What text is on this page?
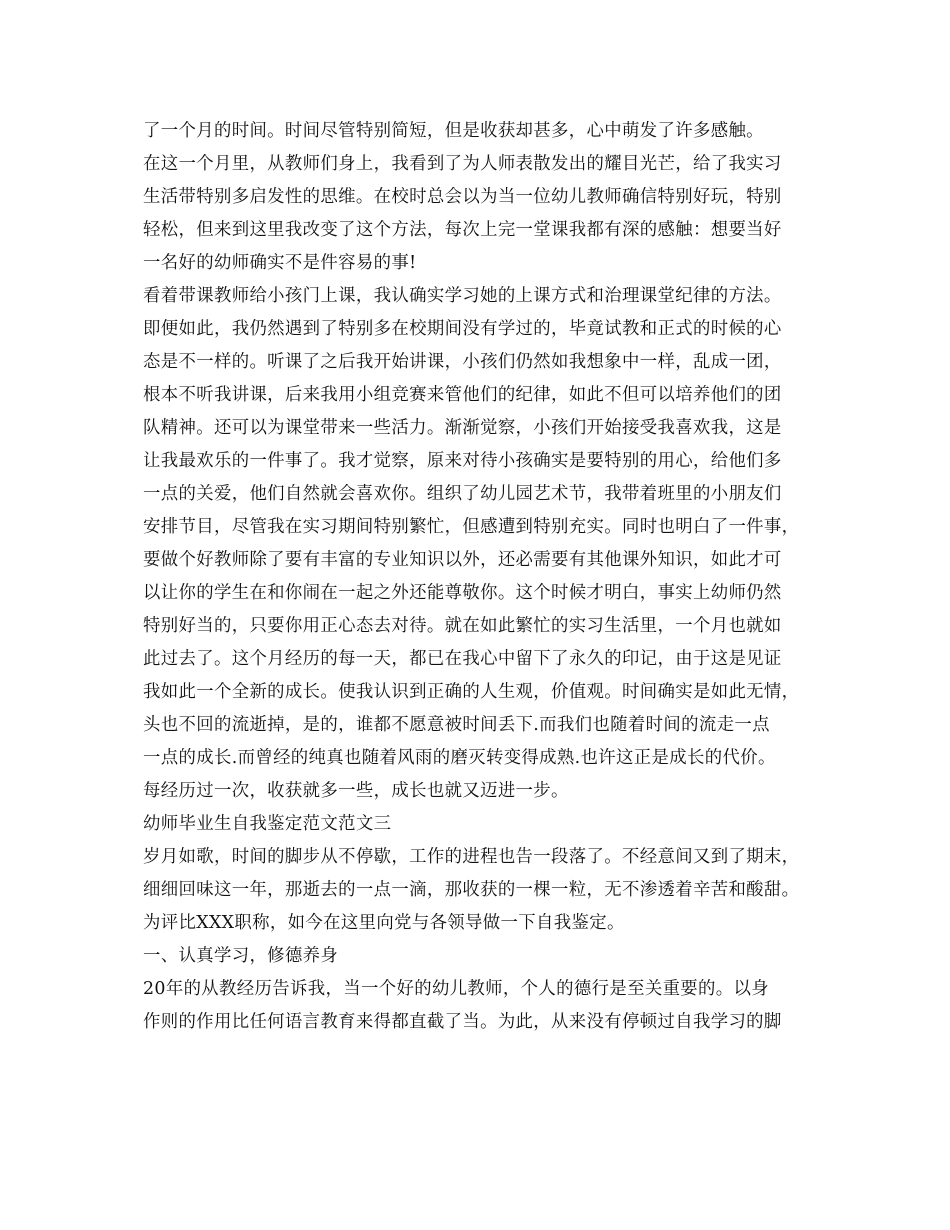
了一个月的时间。时间尽管特别简短，但是收获却甚多，心中萌发了许多感触。
在这一个月里，从教师们身上，我看到了为人师表散发出的耀目光芒，给了我实习
生活带特别多启发性的思维。在校时总会以为当一位幼儿教师确信特别好玩，特别
轻松，但来到这里我改变了这个方法，每次上完一堂课我都有深的感触：想要当好
一名好的幼师确实不是件容易的事!
看着带课教师给小孩门上课，我认确实学习她的上课方式和治理课堂纪律的方法。
即便如此，我仍然遇到了特别多在校期间没有学过的，毕竟试教和正式的时候的心
态是不一样的。听课了之后我开始讲课，小孩们仍然如我想象中一样，乱成一团，
根本不听我讲课，后来我用小组竞赛来管他们的纪律，如此不但可以培养他们的团
队精神。还可以为课堂带来一些活力。渐渐觉察，小孩们开始接受我喜欢我，这是
让我最欢乐的一件事了。我才觉察，原来对待小孩确实是要特别的用心，给他们多
一点的关爱，他们自然就会喜欢你。组织了幼儿园艺术节，我带着班里的小朋友们
安排节目，尽管我在实习期间特别繁忙，但感遭到特别充实。同时也明白了一件事，
要做个好教师除了要有丰富的专业知识以外，还必需要有其他课外知识，如此才可
以让你的学生在和你闹在一起之外还能尊敬你。这个时候才明白，事实上幼师仍然
特别好当的，只要你用正心态去对待。就在如此繁忙的实习生活里，一个月也就如
此过去了。这个月经历的每一天，都已在我心中留下了永久的印记，由于这是见证
我如此一个全新的成长。使我认识到正确的人生观，价值观。时间确实是如此无情，
头也不回的流逝掉，是的，谁都不愿意被时间丢下.而我们也随着时间的流走一点
一点的成长.而曾经的纯真也随着风雨的磨灭转变得成熟.也许这正是成长的代价。
每经历过一次，收获就多一些，成长也就又迈进一步。
幼师毕业生自我鉴定范文范文三
岁月如歌，时间的脚步从不停歇，工作的进程也告一段落了。不经意间又到了期末，
细细回味这一年，那逝去的一点一滴，那收获的一棵一粒，无不渗透着辛苦和酸甜。
为评比XXX职称，如今在这里向党与各领导做一下自我鉴定。
一、认真学习，修德养身
20年的从教经历告诉我，当一个好的幼儿教师，个人的德行是至关重要的。以身
作则的作用比任何语言教育来得都直截了当。为此，从来没有停顿过自我学习的脚
